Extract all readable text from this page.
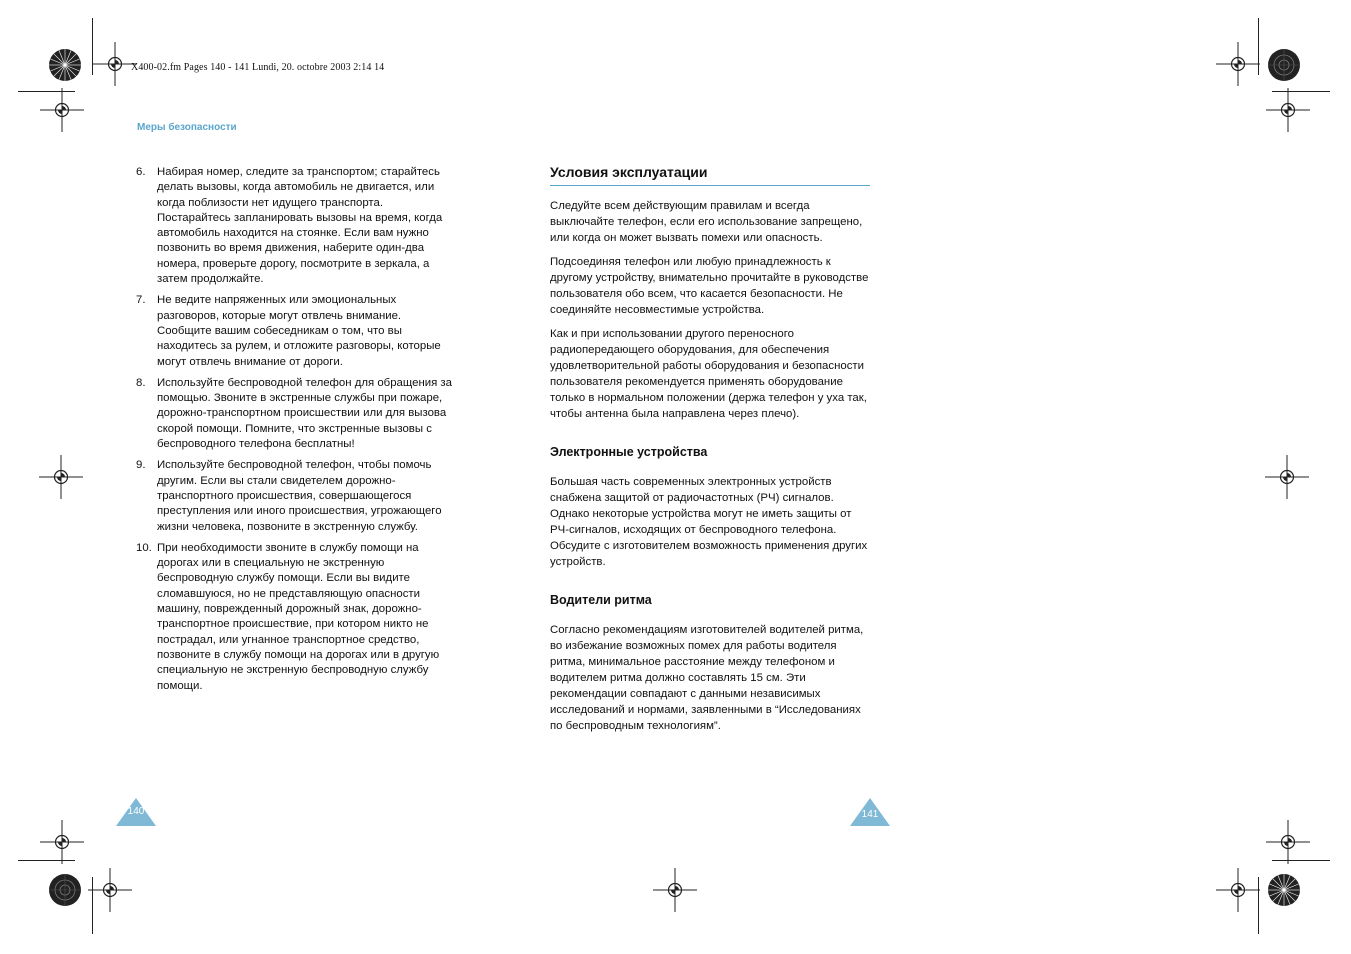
X400-02.fm Pages 140 - 141 Lundi, 20. octobre 2003 2:14 14
Меры безопасности
6.	Набирая номер, следите за транспортом; старайтесь делать вызовы, когда автомобиль не двигается, или когда поблизости нет идущего транспорта. Постарайтесь запланировать вызовы на время, когда автомобиль находится на стоянке. Если вам нужно позвонить во время движения, наберите один-два номера, проверьте дорогу, посмотрите в зеркала, а затем продолжайте.
7.	Не ведите напряженных или эмоциональных разговоров, которые могут отвлечь внимание. Сообщите вашим собеседникам о том, что вы находитесь за рулем, и отложите разговоры, которые могут отвлечь внимание от дороги.
8.	Используйте беспроводной телефон для обращения за помощью. Звоните в экстренные службы при пожаре, дорожно-транспортном происшествии или для вызова скорой помощи. Помните, что экстренные вызовы с беспроводного телефона бесплатны!
9.	Используйте беспроводной телефон, чтобы помочь другим. Если вы стали свидетелем дорожно-транспортного происшествия, совершающегося преступления или иного происшествия, угрожающего жизни человека, позвоните в экстренную службу.
10. При необходимости звоните в службу помощи на дорогах или в специальную не экстренную беспроводную службу помощи. Если вы видите сломавшуюся, но не представляющую опасности машину, поврежденный дорожный знак, дорожно-транспортное происшествие, при котором никто не пострадал, или угнанное транспортное средство, позвоните в службу помощи на дорогах или в другую специальную не экстренную беспроводную службу помощи.
Условия эксплуатации

Следуйте всем действующим правилам и всегда выключайте телефон, если его использование запрещено, или когда он может вызвать помехи или опасность.

Подсоединяя телефон или любую принадлежность к другому устройству, внимательно прочитайте в руководстве пользователя обо всем, что касается безопасности. Не соединяйте несовместимые устройства.

Как и при использовании другого переносного радиопередающего оборудования, для обеспечения удовлетворительной работы оборудования и безопасности пользователя рекомендуется применять оборудование только в нормальном положении (держа телефон у уха так, чтобы антенна была направлена через плечо).

Электронные устройства

Большая часть современных электронных устройств снабжена защитой от радиочастотных (РЧ) сигналов. Однако некоторые устройства могут не иметь защиты от РЧ-сигналов, исходящих от беспроводного телефона. Обсудите с изготовителем возможность применения других устройств.

Водители ритма

Согласно рекомендациям изготовителей водителей ритма, во избежание возможных помех для работы водителя ритма, минимальное расстояние между телефоном и водителем ритма должно составлять 15 см. Эти рекомендации совпадают с данными независимых исследований и нормами, заявленными в “Исследованиях по беспроводным технологиям”.

140	141
